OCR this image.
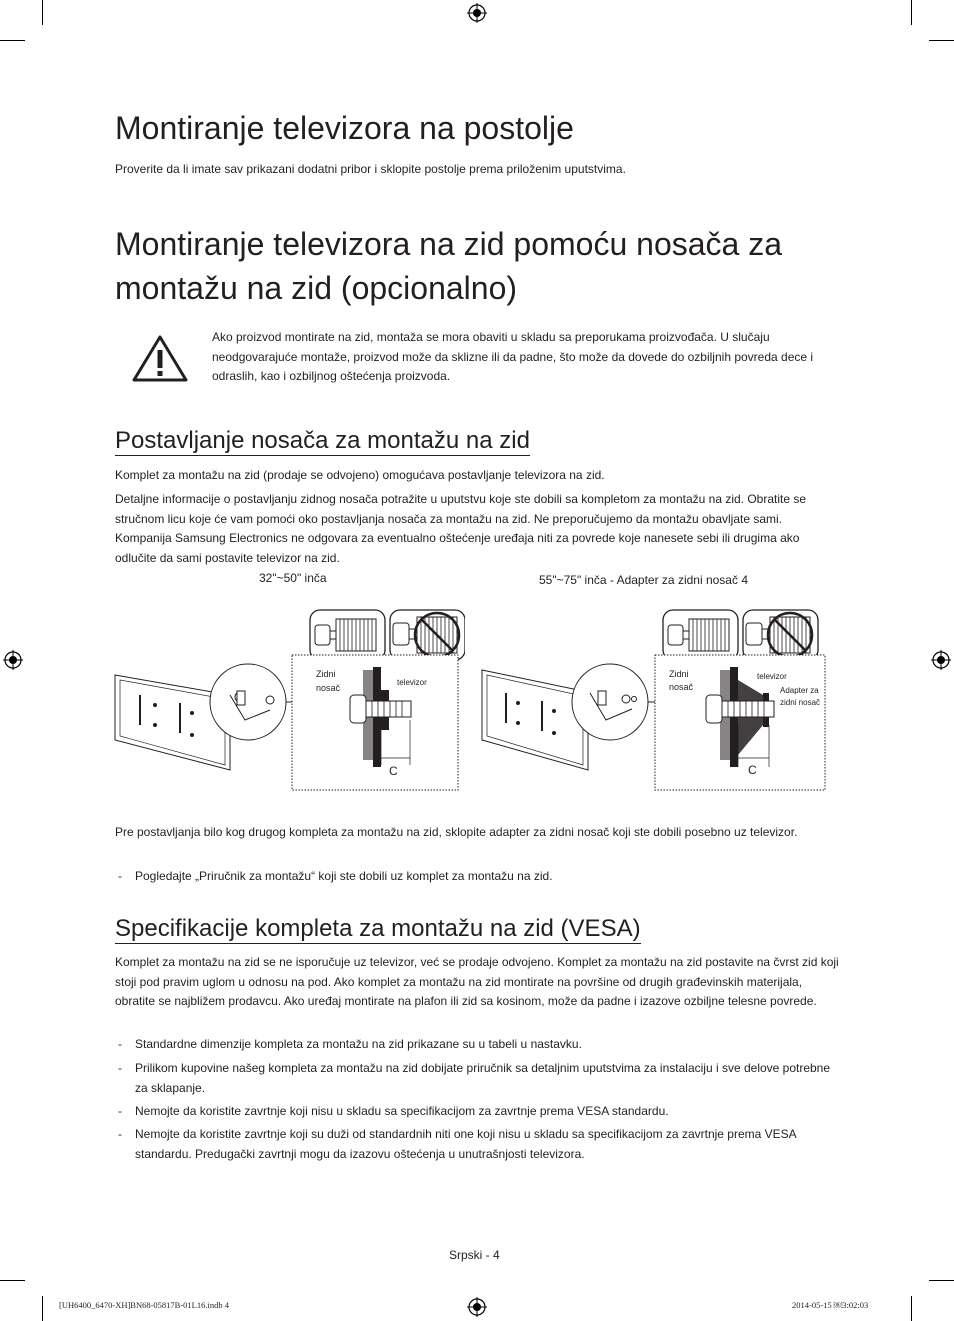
Montiranje televizora na postolje

Proverite da li imate sav prikazani dodatni pribor i sklopite postolje prema priloženim uputstvima.

Montiranje televizora na zid pomoću nosača za
montažu na zid (opcionalno)

Ako proizvod montirate na zid, montaža se mora obaviti u skladu sa preporukama proizvođača. U slučaju neodgovarajuće montaže, proizvod može da sklizne ili da padne, što može da dovede do ozbiljnih povreda dece i odraslih, kao i ozbiljnog oštećenja proizvoda.

Postavljanje nosača za montažu na zid

Komplet za montažu na zid (prodaje se odvojeno) omogućava postavljanje televizora na zid.

Detaljne informacije o postavljanju zidnog nosača potražite u uputstvu koje ste dobili sa kompletom za montažu na zid. Obratite se stručnom licu koje će vam pomoći oko postavljanja nosača za montažu na zid. Ne preporučujemo da montažu obavljate sami. Kompanija Samsung Electronics ne odgovara za eventualno oštećenje uređaja niti za povrede koje nanesete sebi ili drugima ako odlučite da sami postavite televizor na zid.

32"~50" inča	55"~75" inča - Adapter za zidni nosač 4
Zidni
nosač
televizor
C
Zidni
nosač
televizor
Adapter za
zidni nosač
C

Pre postavljanja bilo kog drugog kompleta za montažu na zid, sklopite adapter za zidni nosač koji ste dobili posebno uz televizor.

-	Pogledajte „Priručnik za montažu“ koji ste dobili uz komplet za montažu na zid.
Specifikacije kompleta za montažu na zid (VESA)

Komplet za montažu na zid se ne isporučuje uz televizor, već se prodaje odvojeno. Komplet za montažu na zid postavite na čvrst zid koji stoji pod pravim uglom u odnosu na pod. Ako komplet za montažu na zid montirate na površine od drugih građevinskih materijala, obratite se najbližem prodavcu. Ako uređaj montirate na plafon ili zid sa kosinom, može da padne i izazove ozbiljne telesne povrede.

-	Standardne dimenzije kompleta za montažu na zid prikazane su u tabeli u nastavku.
-	Prilikom kupovine našeg kompleta za montažu na zid dobijate priručnik sa detaljnim uputstvima za instalaciju i sve delove potrebne za sklapanje.
-	Nemojte da koristite zavrtnje koji nisu u skladu sa specifikacijom za zavrtnje prema VESA standardu.
-	Nemojte da koristite zavrtnje koji su duži od standardnih niti one koji nisu u skladu sa specifikacijom za zavrtnje prema VESA standardu. Predugački zavrtnji mogu da izazovu oštećenja u unutrašnjosti televizora.
Srpski - 4
[UH6400_6470-XH]BN68-05817B-01L16.indb 4	2014-05-15 ￼3:02:03
